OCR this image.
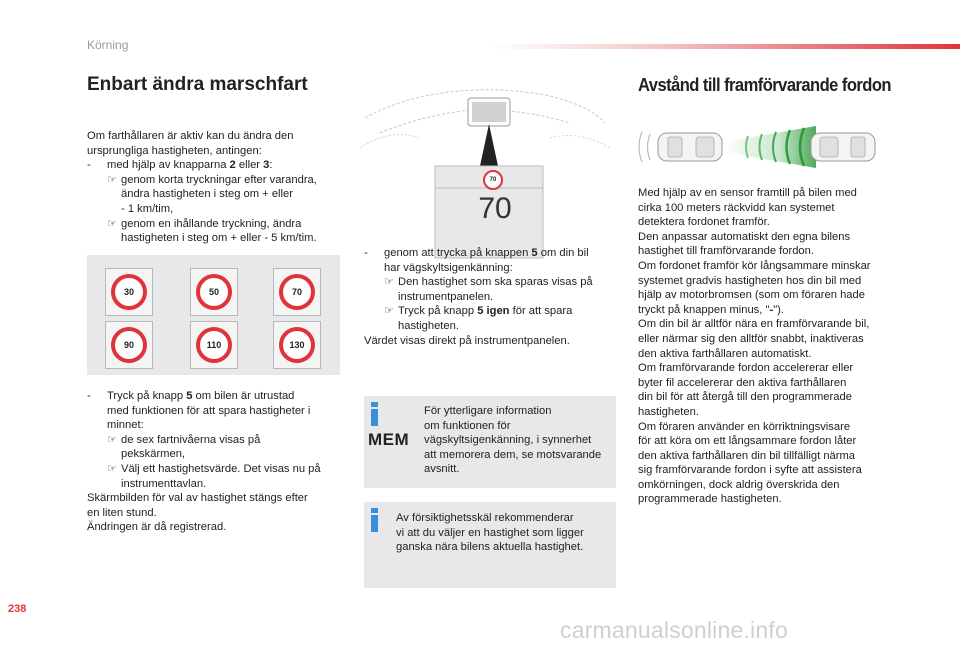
Körning
Enbart ändra marschfart

Om farthållaren är aktiv kan du ändra den

ursprungliga hastigheten, antingen:

- med hjälp av knapparna 2 eller 3:

☞ genom korta tryckningar efter varandra,

ändra hastigheten i steg om + eller

- 1 km/tim,

☞ genom en ihållande tryckning, ändra

hastigheten i steg om + eller - 5 km/tim.

30	50	70
90	110	130

- Tryck på knapp 5 om bilen är utrustad

med funktionen för att spara hastigheter i

minnet:

☞ de sex fartnivåerna visas på

pekskärmen,

☞ Välj ett hastighetsvärde. Det visas nu på

instrumenttavlan.

Skärmbilden för val av hastighet stängs efter

en liten stund.

Ändringen är då registrerad.

70
70

- genom att trycka på knappen 5 om din bil

har vägskyltsigenkänning:

☞ Den hastighet som ska sparas visas på

instrumentpanelen.

☞ Tryck på knapp 5 igen för att spara

hastigheten.

Värdet visas direkt på instrumentpanelen.

MEM

För ytterligare information

om funktionen för

vägskyltsigenkänning, i synnerhet

att memorera dem, se motsvarande

avsnitt.

Av försiktighetsskäl rekommenderar

vi att du väljer en hastighet som ligger

ganska nära bilens aktuella hastighet.

Avstånd till framförvarande fordon

Med hjälp av en sensor framtill på bilen med

cirka 100 meters räckvidd kan systemet

detektera fordonet framför.

Den anpassar automatiskt den egna bilens

hastighet till framförvarande fordon.

Om fordonet framför kör långsammare minskar

systemet gradvis hastigheten hos din bil med

hjälp av motorbromsen (som om föraren hade

tryckt på knappen minus, "-").

Om din bil är alltför nära en framförvarande bil,

eller närmar sig den alltför snabbt, inaktiveras

den aktiva farthållaren automatiskt.

Om framförvarande fordon accelererar eller

byter fil accelererar den aktiva farthållaren

din bil för att återgå till den programmerade

hastigheten.

Om föraren använder en körriktningsvisare

för att köra om ett långsammare fordon låter

den aktiva farthållaren din bil tillfälligt närma

sig framförvarande fordon i syfte att assistera

omkörningen, dock aldrig överskrida den

programmerade hastigheten.

238
carmanualsonline.info
